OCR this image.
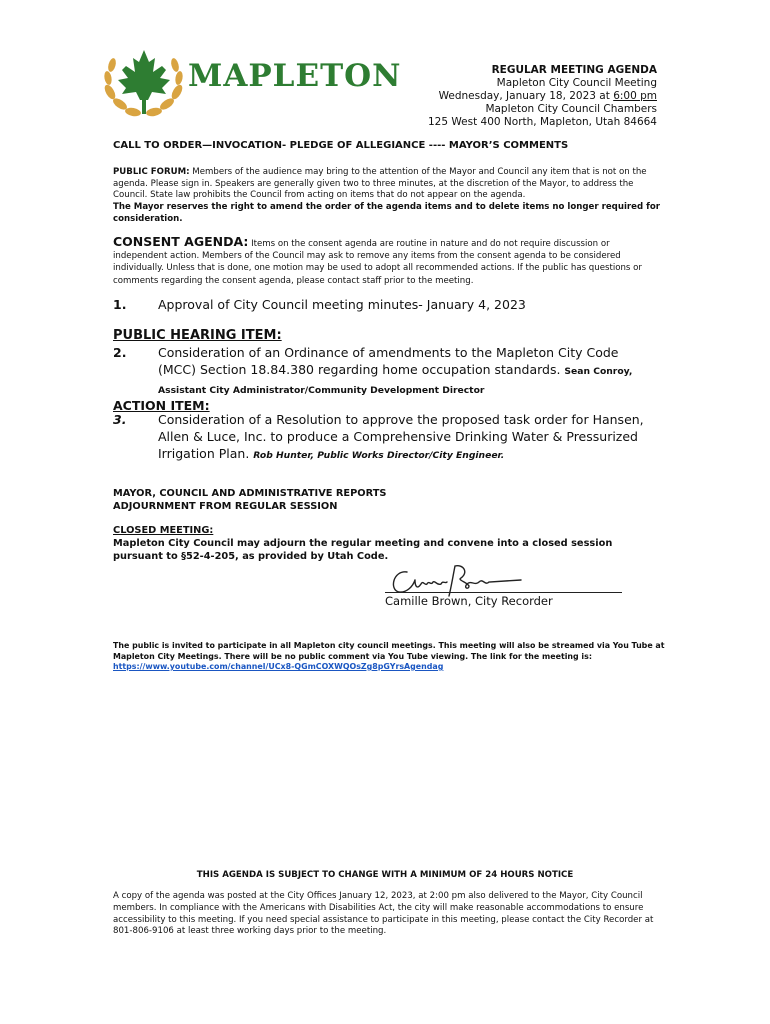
MAPLETON	REGULAR MEETING AGENDA
Mapleton City Council Meeting
Wednesday, January 18, 2023 at 6:00 pm
Mapleton City Council Chambers
125 West 400 North, Mapleton, Utah 84664
CALL TO ORDER—INVOCATION- PLEDGE OF ALLEGIANCE ---- MAYOR’S COMMENTS
PUBLIC FORUM: Members of the audience may bring to the attention of the Mayor and Council any item that is not on the agenda. Please sign in. Speakers are generally given two to three minutes, at the discretion of the Mayor, to address the Council. State law prohibits the Council from acting on items that do not appear on the agenda.
The Mayor reserves the right to amend the order of the agenda items and to delete items no longer required for consideration.
CONSENT AGENDA: Items on the consent agenda are routine in nature and do not require discussion or independent action. Members of the Council may ask to remove any items from the consent agenda to be considered individually. Unless that is done, one motion may be used to adopt all recommended actions. If the public has questions or comments regarding the consent agenda, please contact staff prior to the meeting.
1.	Approval of City Council meeting minutes- January 4, 2023
PUBLIC HEARING ITEM:
2.	Consideration of an Ordinance of amendments to the Mapleton City Code (MCC) Section 18.84.380 regarding home occupation standards. Sean Conroy, Assistant City Administrator/Community Development Director
ACTION ITEM:
3.	Consideration of a Resolution to approve the proposed task order for Hansen, Allen & Luce, Inc. to produce a Comprehensive Drinking Water & Pressurized Irrigation Plan. Rob Hunter, Public Works Director/City Engineer.
MAYOR, COUNCIL AND ADMINISTRATIVE REPORTS
ADJOURNMENT FROM REGULAR SESSION
CLOSED MEETING:
Mapleton City Council may adjourn the regular meeting and convene into a closed session pursuant to §52-4-205, as provided by Utah Code.
Camille Brown, City Recorder
The public is invited to participate in all Mapleton city council meetings. This meeting will also be streamed via You Tube at Mapleton City Meetings. There will be no public comment via You Tube viewing. The link for the meeting is:
https://www.youtube.com/channel/UCx8-QGmCOXWQOsZg8pGYrsAgendag
THIS AGENDA IS SUBJECT TO CHANGE WITH A MINIMUM OF 24 HOURS NOTICE
A copy of the agenda was posted at the City Offices January 12, 2023, at 2:00 pm also delivered to the Mayor, City Council members. In compliance with the Americans with Disabilities Act, the city will make reasonable accommodations to ensure accessibility to this meeting. If you need special assistance to participate in this meeting, please contact the City Recorder at 801-806-9106 at least three working days prior to the meeting.
